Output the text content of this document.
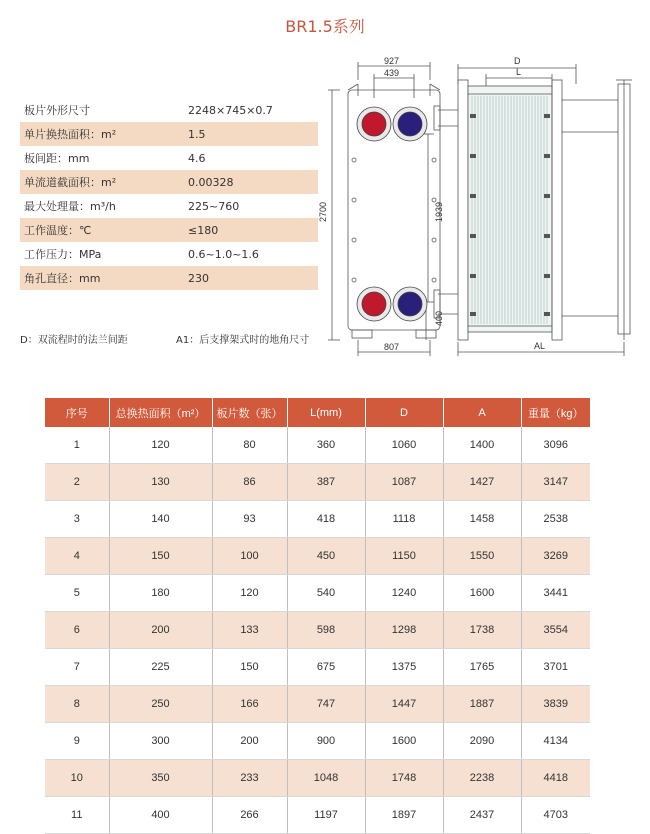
BR1.5系列
板片外形尺寸	2248×745×0.7
单片换热面积：m²	1.5
板间距：mm	4.6
单流道截面积：m²	0.00328
最大处理量：m³/h	225~760
工作温度：℃	≤180
工作压力：MPa	0.6~1.0~1.6
角孔直径：mm	230
D：双流程时的法兰间距	A1：后支撑架式时的地角尺寸
927
439
2700	1939
400
807
D
L
AL
序号	总换热面积（m²）	板片数（张）	L(mm)	D	A	重量（kg）
1	120	80	360	1060	1400	3096
2	130	86	387	1087	1427	3147
3	140	93	418	1118	1458	2538
4	150	100	450	1150	1550	3269
5	180	120	540	1240	1600	3441
6	200	133	598	1298	1738	3554
7	225	150	675	1375	1765	3701
8	250	166	747	1447	1887	3839
9	300	200	900	1600	2090	4134
10	350	233	1048	1748	2238	4418
11	400	266	1197	1897	2437	4703
